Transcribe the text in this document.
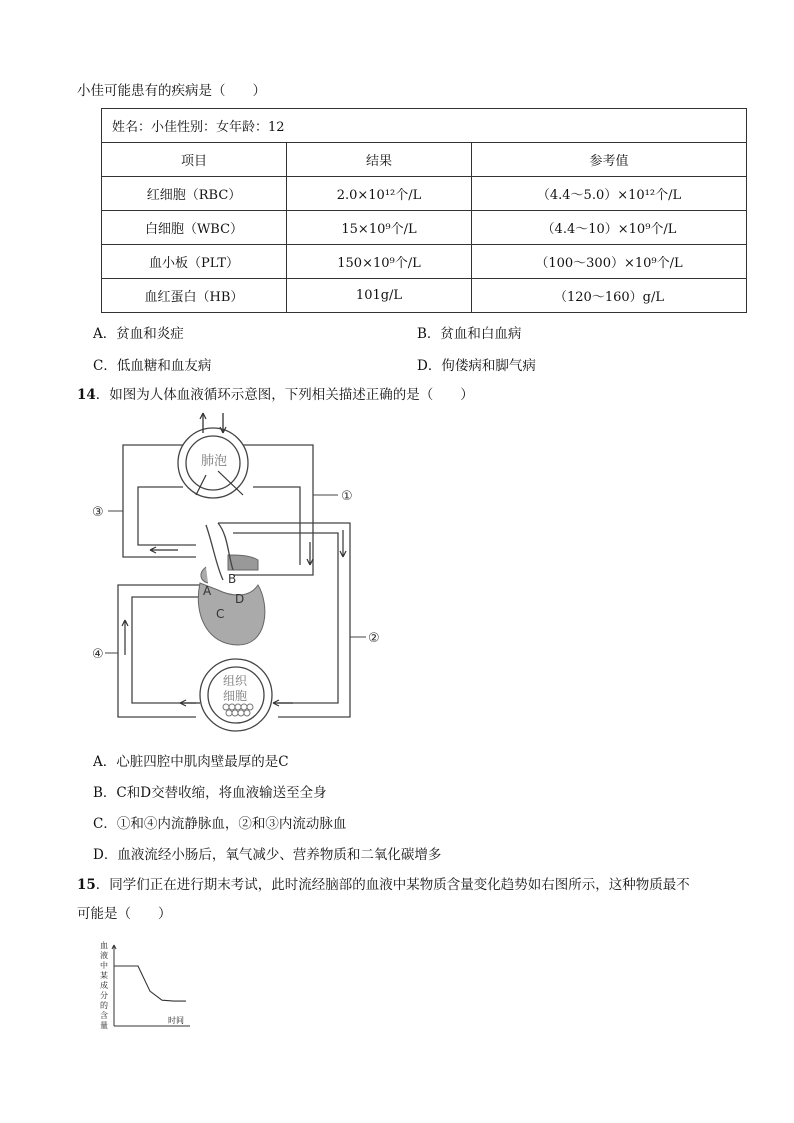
小佳可能患有的疾病是（　　）
姓名：小佳性别：女年龄：12		
项目	结果	参考值
红细胞（RBC）	2.0×10¹²个/L	（4.4～5.0）×10¹²个/L
白细胞（WBC）	15×10⁹个/L	（4.4～10）×10⁹个/L
血小板（PLT）	150×10⁹个/L	（100～300）×10⁹个/L
血红蛋白（HB）	101g/L	（120～160）g/L
A．贫血和炎症	B．贫血和白血病
C．低血糖和血友病	D．佝偻病和脚气病
14．如图为人体血液循环示意图，下列相关描述正确的是（　　）
肺泡
组织
细胞
A
B
C
D
①
②
③
④
A．心脏四腔中肌肉壁最厚的是C
B．C和D交替收缩，将血液输送至全身
C．①和④内流静脉血，②和③内流动脉血
D．血液流经小肠后，氧气减少、营养物质和二氧化碳增多
15．同学们正在进行期末考试，此时流经脑部的血液中某物质含量变化趋势如右图所示，这种物质最不
可能是（　　）
血
液
中
某
成
分
的
含
量
时间
